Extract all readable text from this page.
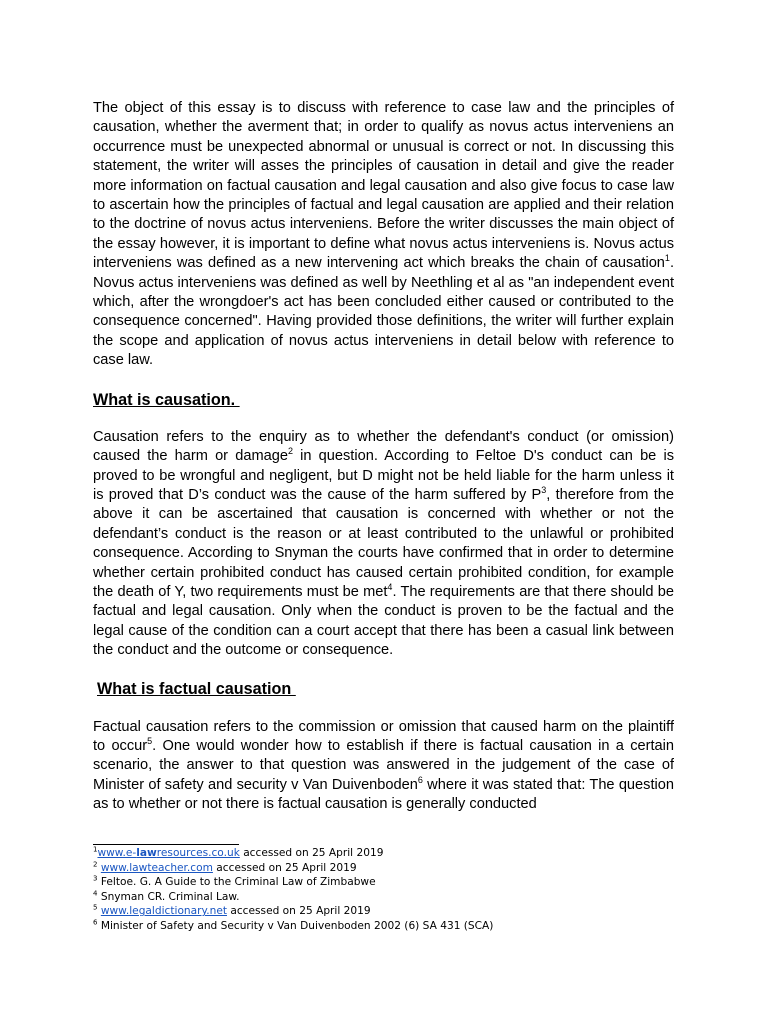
The object of this essay is to discuss with reference to case law and the principles of causation, whether the averment that; in order to qualify as novus actus interveniens an occurrence must be unexpected abnormal or unusual is correct or not. In discussing this statement, the writer will asses the principles of causation in detail and give the reader more information on factual causation and legal causation and also give focus to case law to ascertain how the principles of factual and legal causation are applied and their relation to the doctrine of novus actus interveniens. Before the writer discusses the main object of the essay however, it is important to define what novus actus interveniens is. Novus actus interveniens was defined as a new intervening act which breaks the chain of causation$^1$. Novus actus interveniens was defined as well by Neethling et al as "an independent event which, after the wrongdoer's act has been concluded either caused or contributed to the consequence concerned". Having provided those definitions, the writer will further explain the scope and application of novus actus interveniens in detail below with reference to case law.

What is causation.

Causation refers to the enquiry as to whether the defendant's conduct (or omission) caused the harm or damage$^2$ in question. According to Feltoe D's conduct can be is proved to be wrongful and negligent, but D might not be held liable for the harm unless it is proved that D’s conduct was the cause of the harm suffered by $P^3$, therefore from the above it can be ascertained that causation is concerned with whether or not the defendant’s conduct is the reason or at least contributed to the unlawful or prohibited consequence. According to Snyman the courts have confirmed that in order to determine whether certain prohibited conduct has caused certain prohibited condition, for example the death of Y, two requirements must be met$^4$. The requirements are that there should be factual and legal causation. Only when the conduct is proven to be the factual and the legal cause of the condition can a court accept that there has been a casual link between the conduct and the outcome or consequence.

What is factual causation

Factual causation refers to the commission or omission that caused harm on the plaintiff to occur$^5$. One would wonder how to establish if there is factual causation in a certain scenario, the answer to that question was answered in the judgement of the case of Minister of safety and security v Van Duivenboden$^6$ where it was stated that: The question as to whether or not there is factual causation is generally conducted

$^1$www.e-lawresources.co.uk accessed on 25 April 2019
$^2$ www.lawteacher.com accessed on 25 April 2019
$^3$ Feltoe. G. A Guide to the Criminal Law of Zimbabwe
$^4$ Snyman CR. Criminal Law.
$^5$ www.legaldictionary.net accessed on 25 April 2019
$^6$ Minister of Safety and Security v Van Duivenboden 2002 (6) SA 431 (SCA)
